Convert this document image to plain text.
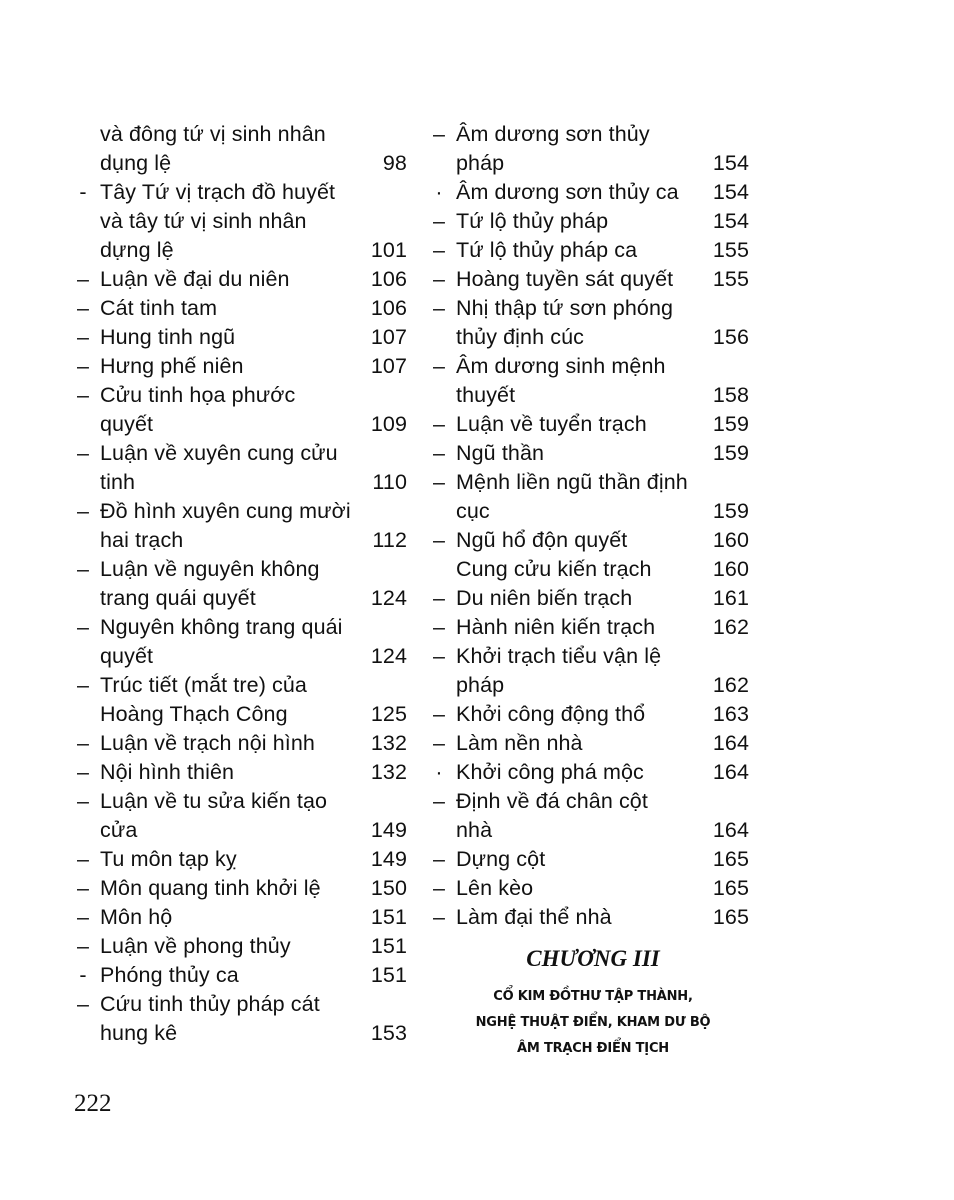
và đông tứ vị sinh nhân
dụng lệ	98
- Tây Tứ vị trạch đồ huyết
và tây tứ vị sinh nhân
dựng lệ	101
– Luận về đại du niên	106
– Cát tinh tam	106
– Hung tinh ngũ	107
– Hưng phế niên	107
– Cửu tinh họa phước
quyết	109
– Luận về xuyên cung cửu
tinh	110
– Đồ hình xuyên cung mười
hai trạch	112
– Luận về nguyên không
trang quái quyết	124
– Nguyên không trang quái
quyết	124
– Trúc tiết (mắt tre) của
Hoàng Thạch Công	125
– Luận về trạch nội hình	132
– Nội hình thiên	132
– Luận về tu sửa kiến tạo
cửa	149
– Tu môn tạp kỵ	149
– Môn quang tinh khởi lệ 150
– Môn hộ	151
– Luận về phong thủy	151
- Phóng thủy ca	151
– Cứu tinh thủy pháp cát
hung kê	153
– Âm dương sơn thủy
pháp	154
· Âm dương sơn thủy ca 154
– Tứ lộ thủy pháp	154
– Tứ lộ thủy pháp ca	155
– Hoàng tuyền sát quyết 155
– Nhị thập tứ sơn phóng
thủy định cúc	156
– Âm dương sinh mệnh
thuyết	158
– Luận về tuyển trạch	159
– Ngũ thần	159
– Mệnh liền ngũ thần định
cục	159
– Ngũ hổ độn quyết	160
Cung cửu kiến trạch	160
– Du niên biến trạch	161
– Hành niên kiến trạch	162
– Khởi trạch tiểu vận lệ
pháp	162
– Khởi công động thổ	163
– Làm nền nhà	164
· Khởi công phá mộc	164
– Định về đá chân cột
nhà	164
– Dựng cột	165
– Lên kèo	165
– Làm đại thể nhà	165
CHƯƠNG III
CỔ KIM ĐỒTHƯ TẬP THÀNH,
NGHỆ THUẬT ĐIỂN, KHAM DƯ BỘ
ÂM TRẠCH ĐIỂN TỊCH
222
